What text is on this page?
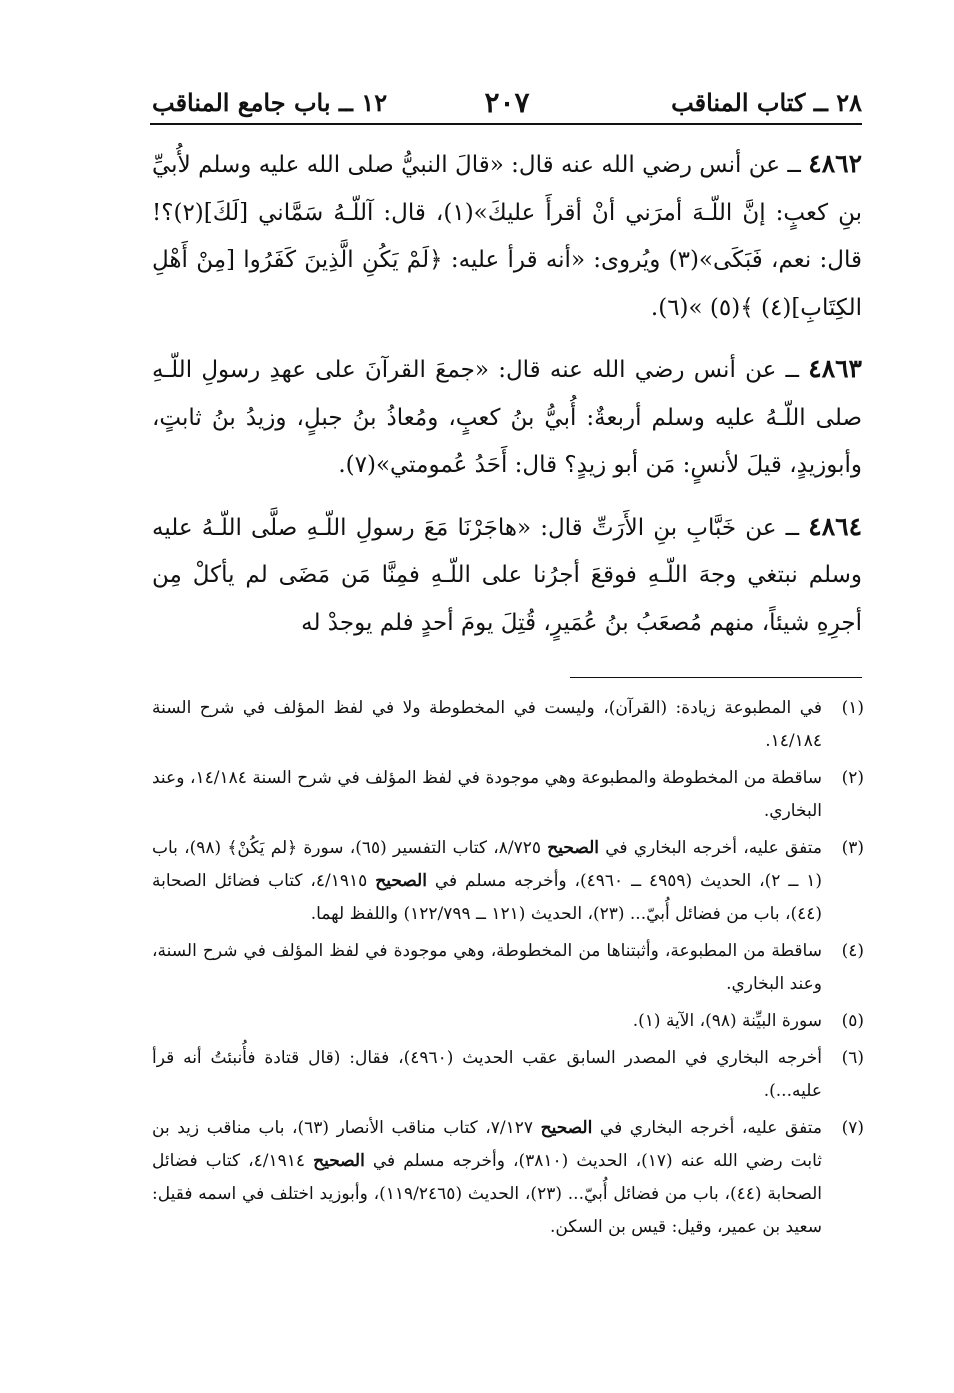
٢٨ ــ كتاب المناقب
٢٠٧
١٢ ــ باب جامع المناقب

٤٨٦٢ ــ عن أنس رضي الله عنه قال: «قالَ النبيُّ صلى الله عليه وسلم لأُبيِّ بنِ كعبٍ: إنَّ اللّـهَ أمرَني أنْ أقرأَ عليكَ»(١)، قال: آللّـهُ سَمَّاني [لَكَ](٢)؟! قال: نعم، فَبَكَى»(٣) ويُروى: «أنه قرأ عليه: ﴿لَمْ يَكُنِ الَّذِينَ كَفَرُوا [مِنْ أَهْلِ الكِتَابِ](٤) ﴾(٥) »(٦).

٤٨٦٣ ــ عن أنس رضي الله عنه قال: «جمعَ القرآنَ على عهدِ رسولِ اللّـهِ صلى اللّـهُ عليه وسلم أربعةٌ: أُبيُّ بنُ كعبٍ، ومُعاذُ بنُ جبلٍ، وزيدُ بنُ ثابتٍ، وأبوزيدٍ، قيلَ لأنسٍ: مَن أبو زيدٍ؟ قال: أَحَدُ عُمومتي»(٧).

٤٨٦٤ ــ عن خَبَّابِ بنِ الأَرَتِّ قال: «هاجَرْنَا مَعَ رسولِ اللّـهِ صلَّى اللّـهُ عليه وسلم نبتغي وجهَ اللّـهِ فوقعَ أجرُنا على اللّـهِ فمِنَّا مَن مَضَى لم يأكلْ مِن أجرِهِ شيئاً، منهم مُصعَبُ بنُ عُمَيرٍ، قُتِلَ يومَ أحدٍ فلم يوجدْ له

(١)
في المطبوعة زيادة: (القرآن)، وليست في المخطوطة ولا في لفظ المؤلف في شرح السنة ١٤/١٨٤.
(٢)
ساقطة من المخطوطة والمطبوعة وهي موجودة في لفظ المؤلف في شرح السنة ١٤/١٨٤، وعند البخاري.
(٣)
متفق عليه، أخرجه البخاري في الصحيح ٨/٧٢٥، كتاب التفسير (٦٥)، سورة ﴿لم يَكُنْ﴾ (٩٨)، باب (١ ــ ٢)، الحديث (٤٩٥٩ ــ ٤٩٦٠)، وأخرجه مسلم في الصحيح ٤/١٩١٥، كتاب فضائل الصحابة (٤٤)، باب من فضائل أُبيّ... (٢٣)، الحديث (١٢١ ــ ١٢٢/٧٩٩) واللفظ لهما.
(٤)
ساقطة من المطبوعة، وأثبتناها من المخطوطة، وهي موجودة في لفظ المؤلف في شرح السنة، وعند البخاري.
(٥)
سورة البيِّنة (٩٨)، الآية (١).
(٦)
أخرجه البخاري في المصدر السابق عقب الحديث (٤٩٦٠)، فقال: (قال قتادة فأُنبئتُ أنه قرأ عليه...).
(٧)
متفق عليه، أخرجه البخاري في الصحيح ٧/١٢٧، كتاب مناقب الأنصار (٦٣)، باب مناقب زيد بن ثابت رضي الله عنه (١٧)، الحديث (٣٨١٠)، وأخرجه مسلم في الصحيح ٤/١٩١٤، كتاب فضائل الصحابة (٤٤)، باب من فضائل أُبيّ... (٢٣)، الحديث (١١٩/٢٤٦٥)، وأبوزيد اختلف في اسمه فقيل: سعيد بن عمير، وقيل: قيس بن السكن.
